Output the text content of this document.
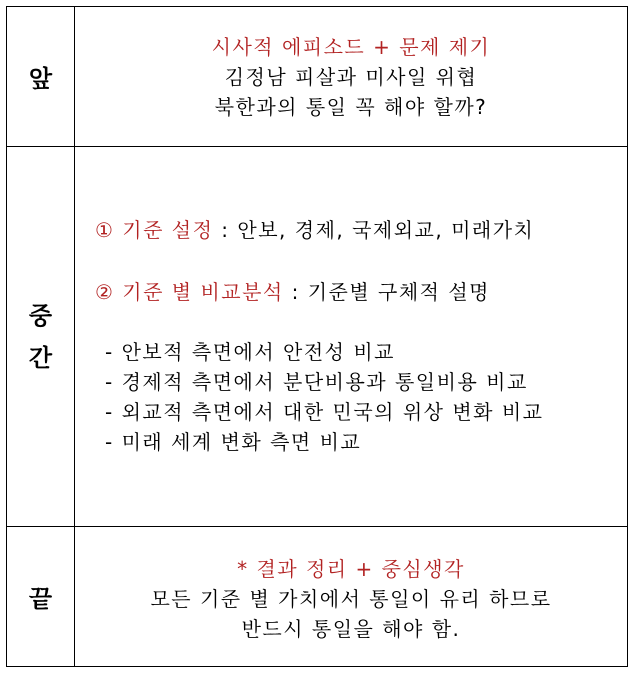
앞
시사적 에피소드 + 문제 제기
김정남 피살과 미사일 위협
북한과의 통일 꼭 해야 할까?
중
간
① 기준 설정 : 안보, 경제, 국제외교, 미래가치
② 기준 별 비교분석 : 기준별 구체적 설명
- 안보적 측면에서 안전성 비교
- 경제적 측면에서 분단비용과 통일비용 비교
- 외교적 측면에서 대한 민국의 위상 변화 비교
- 미래 세계 변화 측면 비교
끝
* 결과 정리 + 중심생각
모든 기준 별 가치에서 통일이 유리 하므로
반드시 통일을 해야 함.
